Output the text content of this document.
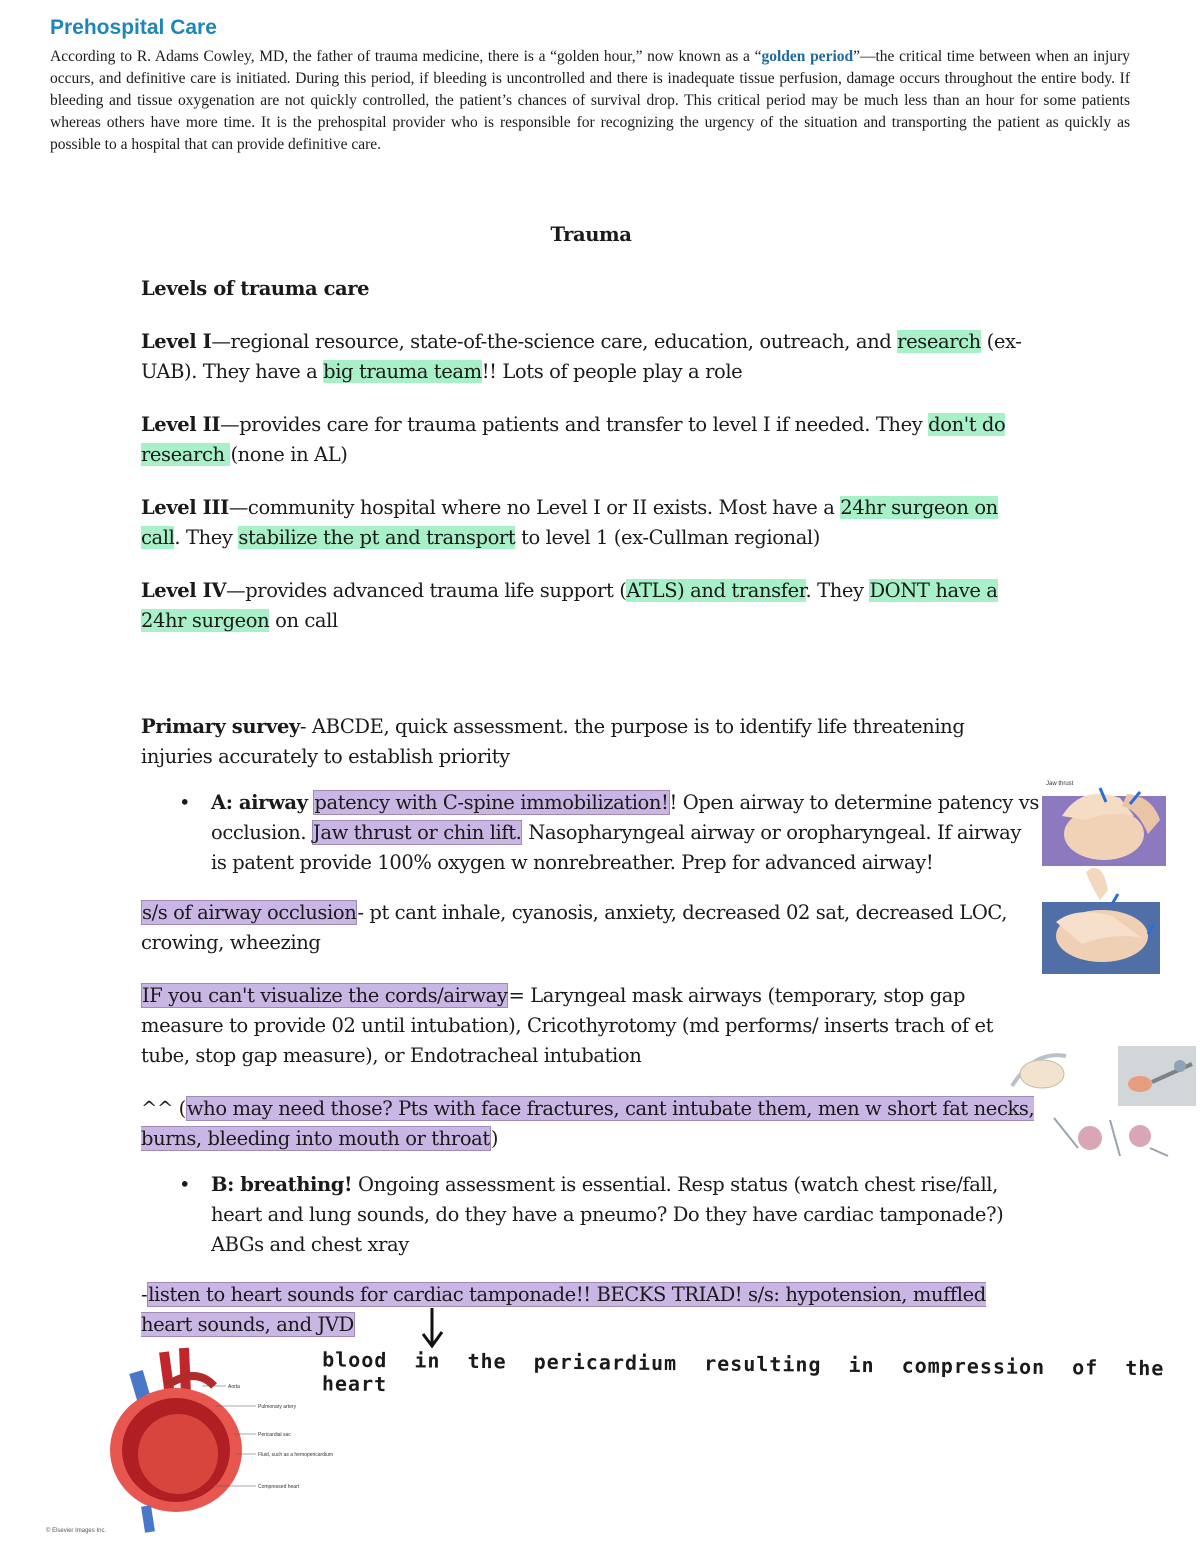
Prehospital Care

According to R. Adams Cowley, MD, the father of trauma medicine, there is a “golden hour,” now known as a “golden period”—the critical time between when an injury occurs, and definitive care is initiated. During this period, if bleeding is uncontrolled and there is inadequate tissue perfusion, damage occurs throughout the entire body. If bleeding and tissue oxygenation are not quickly controlled, the patient’s chances of survival drop. This critical period may be much less than an hour for some patients whereas others have more time. It is the prehospital provider who is responsible for recognizing the urgency of the situation and transporting the patient as quickly as possible to a hospital that can provide definitive care.

Trauma

Levels of trauma care

Level I—regional resource, state-of-the-science care, education, outreach, and research (ex-UAB). They have a big trauma team!! Lots of people play a role

Level II—provides care for trauma patients and transfer to level I if needed. They don't do research (none in AL)

Level III—community hospital where no Level I or II exists. Most have a 24hr surgeon on call. They stabilize the pt and transport to level 1 (ex-Cullman regional)

Level IV—provides advanced trauma life support (ATLS) and transfer. They DONT have a 24hr surgeon on call

Primary survey- ABCDE, quick assessment. the purpose is to identify life threatening injuries accurately to establish priority

• A: airway patency with C-spine immobilization!! Open airway to determine patency vs occlusion. Jaw thrust or chin lift. Nasopharyngeal airway or oropharyngeal. If airway is patent provide 100% oxygen w nonrebreather. Prep for advanced airway!

s/s of airway occlusion- pt cant inhale, cyanosis, anxiety, decreased 02 sat, decreased LOC, crowing, wheezing

IF you can't visualize the cords/airway= Laryngeal mask airways (temporary, stop gap measure to provide 02 until intubation), Cricothyrotomy (md performs/ inserts trach of et tube, stop gap measure), or Endotracheal intubation

^^ (who may need those? Pts with face fractures, cant intubate them, men w short fat necks, burns, bleeding into mouth or throat)

• B: breathing! Ongoing assessment is essential. Resp status (watch chest rise/fall, heart and lung sounds, do they have a pneumo? Do they have cardiac tamponade?) ABGs and chest xray

-listen to heart sounds for cardiac tamponade!! BECKS TRIAD! s/s: hypotension, muffled heart sounds, and JVD

blood in the pericardium resulting in compression of the heart
Jaw thrust
Aorta
Pulmonary artery
Pericardial sac
Fluid, such as a hemopericardium
Compressed heart
© Elsevier Images Inc.
